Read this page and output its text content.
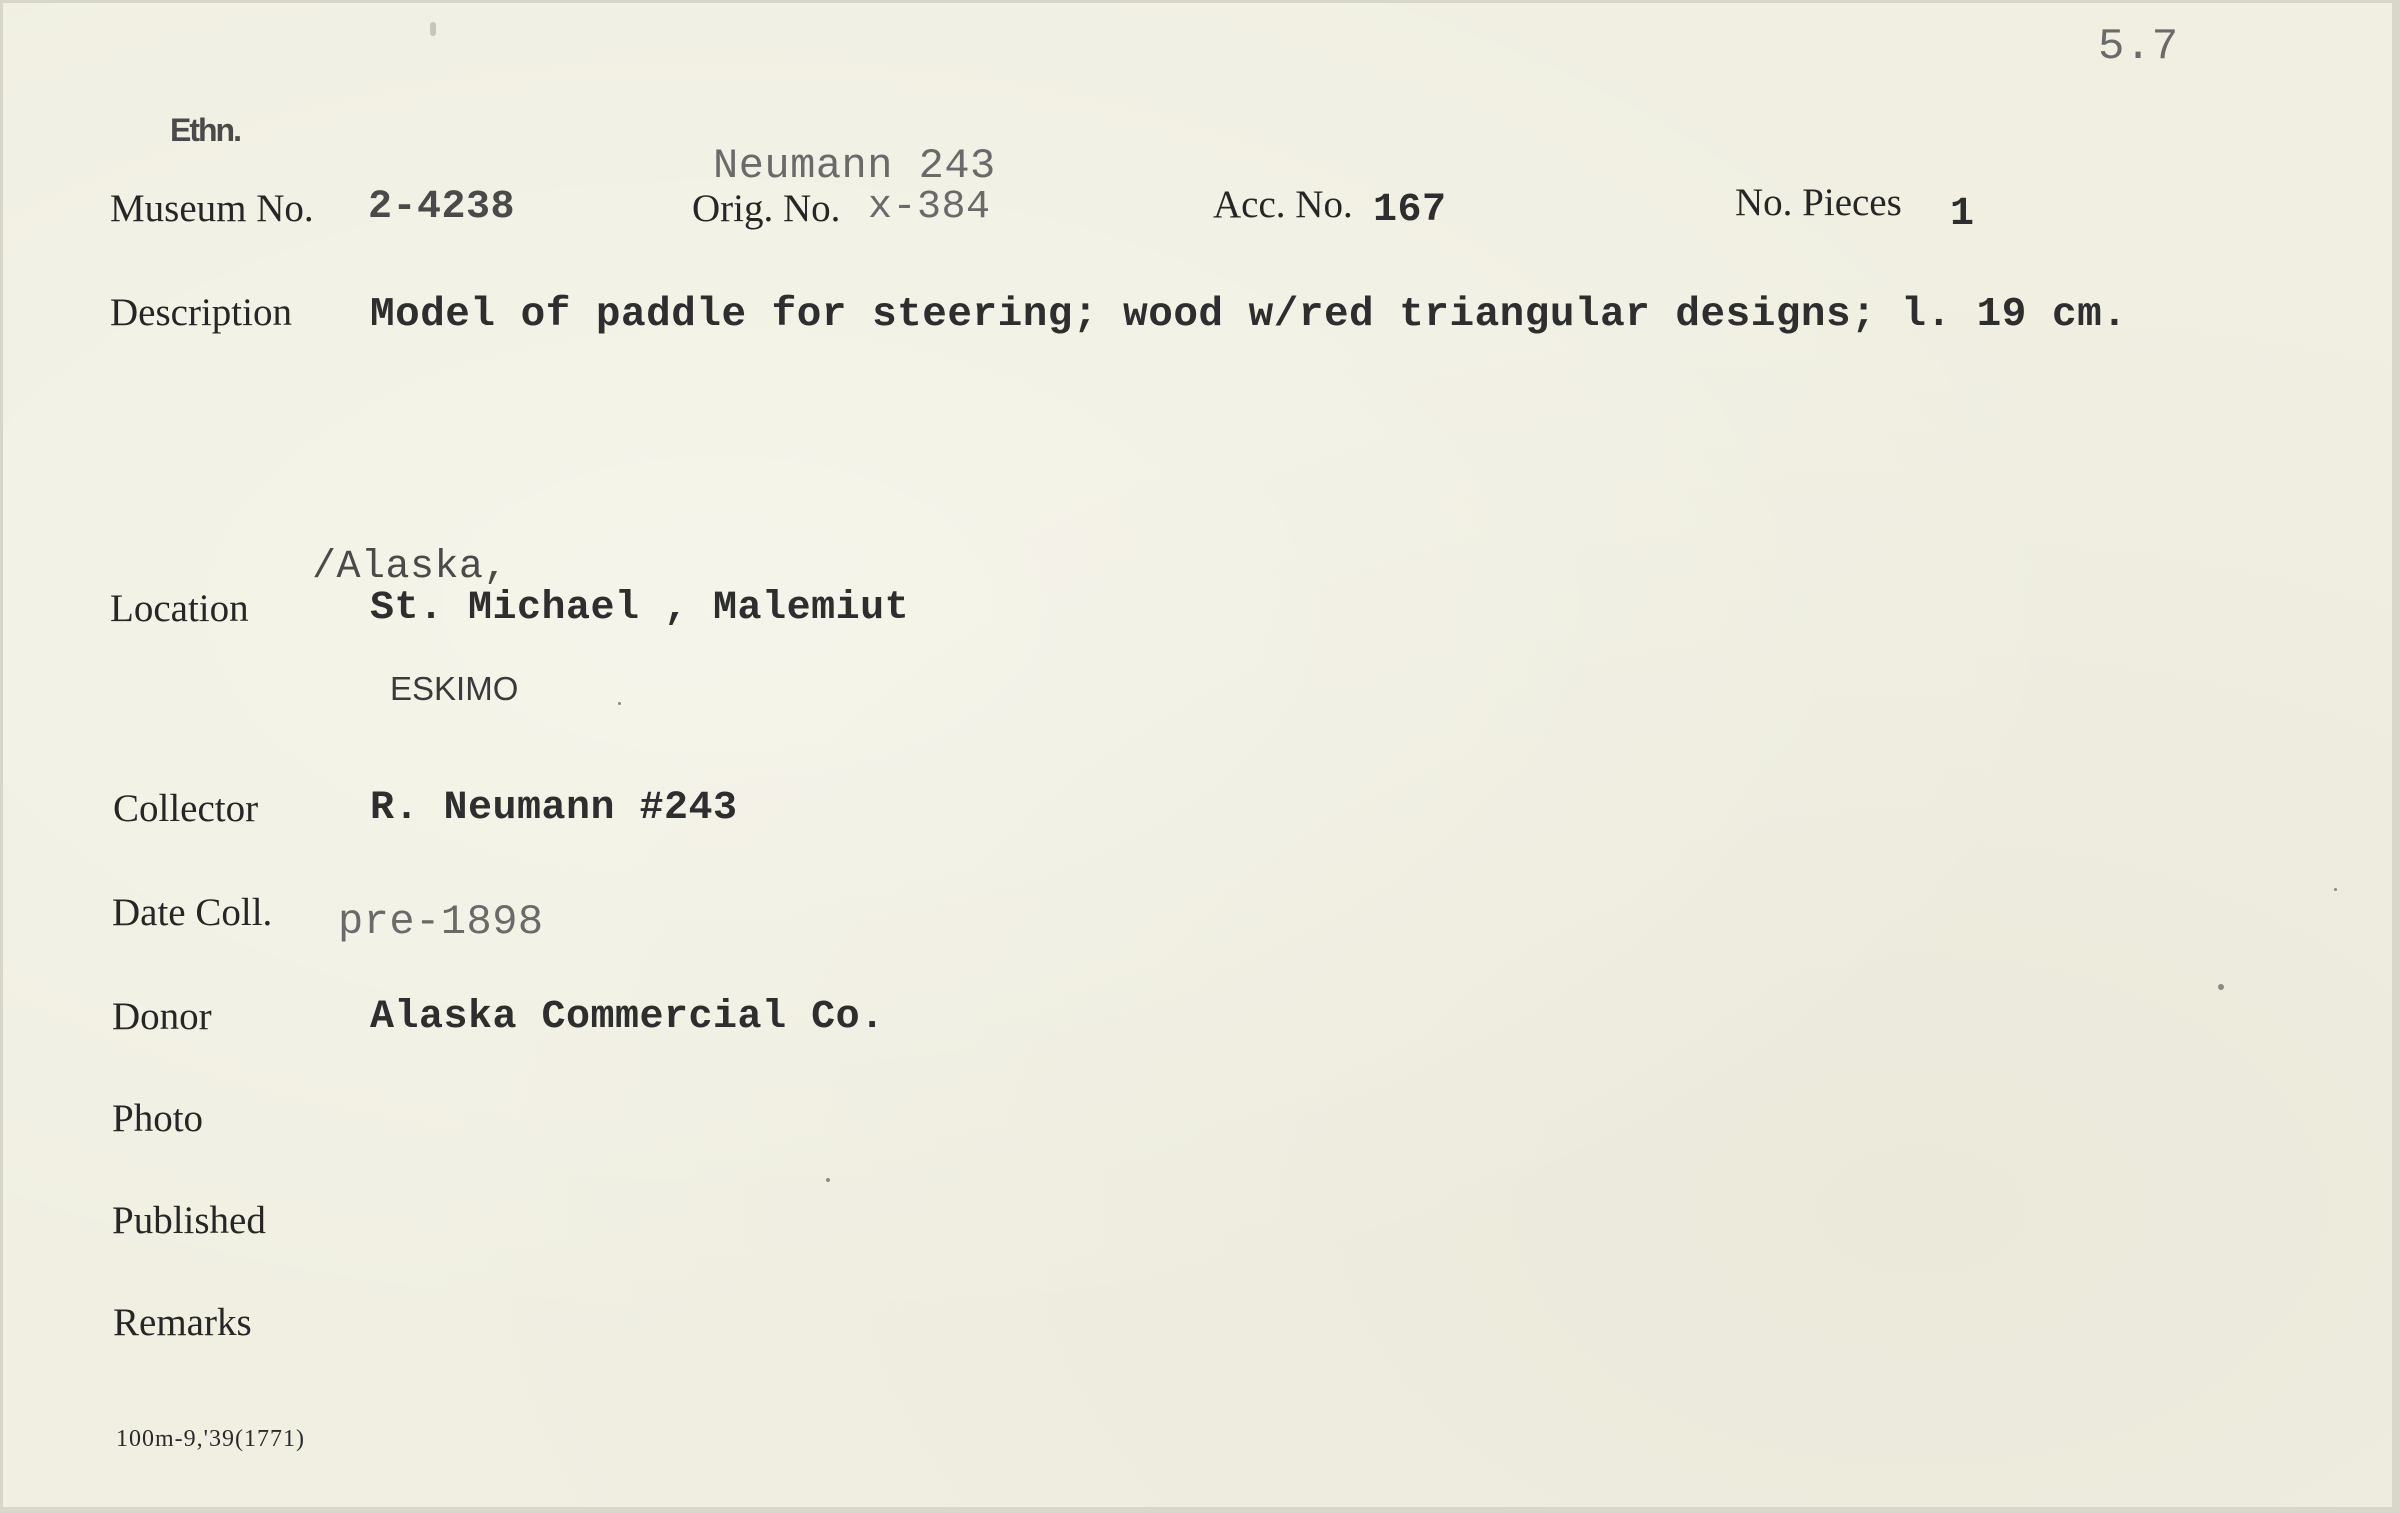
5.7
Ethn.
Museum No. 2-4238
Neumann 243
Orig. No. x-384	Acc. No. 167	No. Pieces 1
Description Model of paddle for steering; wood w/red triangular designs; l. 19 cm.
/Alaska,
Location	St. Michael , Malemiut
ESKIMO
Collector	R. Neumann #243
Date Coll. pre-1898
Donor	Alaska Commercial Co.
Photo
Published
Remarks
100m-9,'39(1771)
